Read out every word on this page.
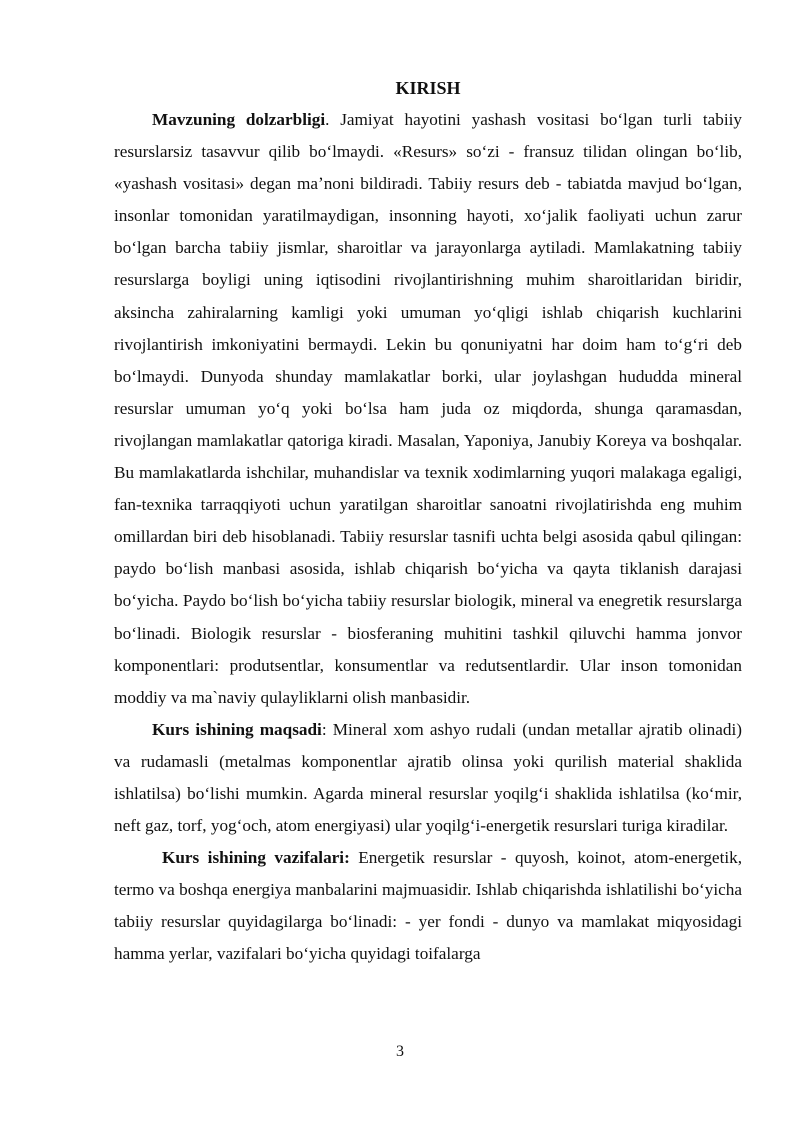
KIRISH

Mavzuning dolzarbligi. Jamiyat hayotini yashash vositasi boʻlgan turli tabiiy resurslarsiz tasavvur qilib boʻlmaydi. «Resurs» soʻzi - fransuz tilidan olingan boʻlib, «yashash vositasi» degan maʼnoni bildiradi. Tabiiy resurs deb - tabiatda mavjud boʻlgan, insonlar tomonidan yaratilmaydigan, insonning hayoti, xoʻjalik faoliyati uchun zarur boʻlgan barcha tabiiy jismlar, sharoitlar va jarayonlarga aytiladi. Mamlakatning tabiiy resurslarga boyligi uning iqtisodini rivojlantirishning muhim sharoitlaridan biridir, aksincha zahiralarning kamligi yoki umuman yoʻqligi ishlab chiqarish kuchlarini rivojlantirish imkoniyatini bermaydi. Lekin bu qonuniyatni har doim ham toʻgʻri deb boʻlmaydi. Dunyoda shunday mamlakatlar borki, ular joylashgan hududda mineral resurslar umuman yoʻq yoki boʻlsa ham juda oz miqdorda, shunga qaramasdan, rivojlangan mamlakatlar qatoriga kiradi. Masalan, Yaponiya, Janubiy Koreya va boshqalar. Bu mamlakatlarda ishchilar, muhandislar va texnik xodimlarning yuqori malakaga egaligi, fan-texnika tarraqqiyoti uchun yaratilgan sharoitlar sanoatni rivojlatirishda eng muhim omillardan biri deb hisoblanadi. Tabiiy resurslar tasnifi uchta belgi asosida qabul qilingan: paydo boʻlish manbasi asosida, ishlab chiqarish boʻyicha va qayta tiklanish darajasi boʻyicha. Paydo boʻlish boʻyicha tabiiy resurslar biologik, mineral va enegretik resurslarga boʻlinadi. Biologik resurslar - biosferaning muhitini tashkil qiluvchi hamma jonvor komponentlari: produtsentlar, konsumentlar va redutsentlardir. Ular inson tomonidan moddiy va ma`naviy qulayliklarni olish manbasidir.

Kurs ishining maqsadi: Mineral xom ashyo rudali (undan metallar ajratib olinadi) va rudamasli (metalmas komponentlar ajratib olinsa yoki qurilish material shaklida ishlatilsa) boʻlishi mumkin. Agarda mineral resurslar yoqilgʻi shaklida ishlatilsa (koʻmir, neft gaz, torf, yogʻoch, atom energiyasi) ular yoqilgʻi-energetik resurslari turiga kiradilar.

Kurs ishining vazifalari: Energetik resurslar - quyosh, koinot, atom-energetik, termo va boshqa energiya manbalarini majmuasidir. Ishlab chiqarishda ishlatilishi boʻyicha tabiiy resurslar quyidagilarga boʻlinadi: - yer fondi - dunyo va mamlakat miqyosidagi hamma yerlar, vazifalari boʻyicha quyidagi toifalarga

3
